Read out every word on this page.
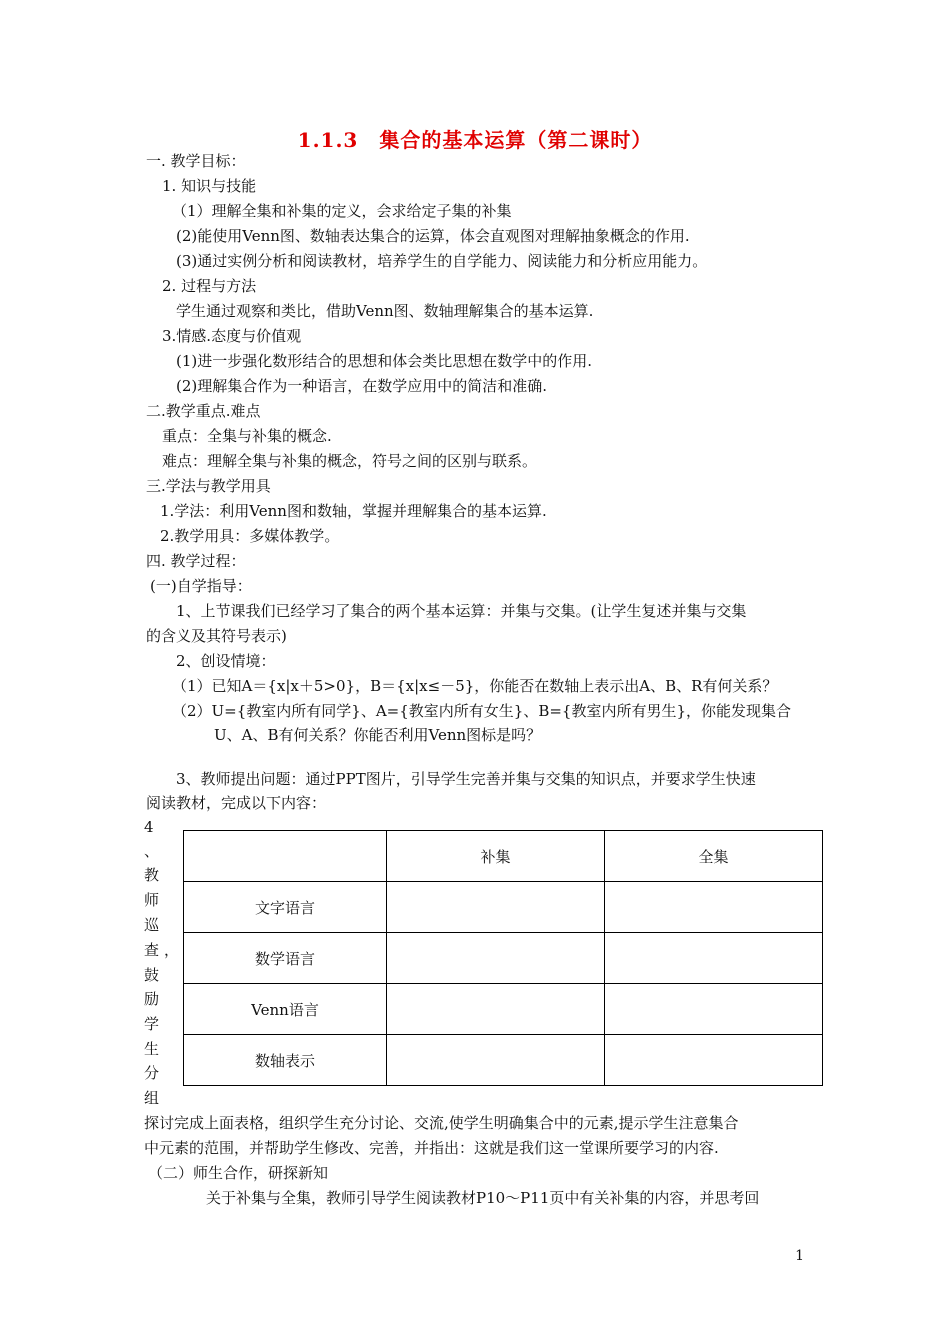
1.1.3　集合的基本运算（第二课时）
一. 教学目标：
1. 知识与技能
（1）理解全集和补集的定义，会求给定子集的补集
(2)能使用Venn图、数轴表达集合的运算，体会直观图对理解抽象概念的作用.
(3)通过实例分析和阅读教材，培养学生的自学能力、阅读能力和分析应用能力。
2. 过程与方法
学生通过观察和类比，借助Venn图、数轴理解集合的基本运算.
3.情感.态度与价值观
(1)进一步强化数形结合的思想和体会类比思想在数学中的作用.
(2)理解集合作为一种语言，在数学应用中的简洁和准确.
二.教学重点.难点
重点：全集与补集的概念.
难点：理解全集与补集的概念，符号之间的区别与联系。
三.学法与教学用具
1.学法：利用Venn图和数轴，掌握并理解集合的基本运算.
2.教学用具：多媒体教学。
四. 教学过程：
(一)自学指导：
1、上节课我们已经学习了集合的两个基本运算：并集与交集。(让学生复述并集与交集
的含义及其符号表示)
2、创设情境：
（1）已知A＝{x|x＋5>0}，B＝{x|x≤－5}，你能否在数轴上表示出A、B、R有何关系？
（2）U={教室内所有同学}、A={教室内所有女生}、B={教室内所有男生}，你能发现集合
U、A、B有何关系？你能否利用Venn图标是吗？
3、教师提出问题：通过PPT图片，引导学生完善并集与交集的知识点，并要求学生快速
阅读教材，完成以下内容：
4
、
教
师
巡
查 ，
鼓
励
学
生
分
组
	补集	全集
文字语言		
数学语言		
Venn语言		
数轴表示		
探讨完成上面表格，组织学生充分讨论、交流,使学生明确集合中的元素,提示学生注意集合
中元素的范围，并帮助学生修改、完善，并指出：这就是我们这一堂课所要学习的内容.
（二）师生合作，研探新知
关于补集与全集，教师引导学生阅读教材P10～P11页中有关补集的内容，并思考回
1
